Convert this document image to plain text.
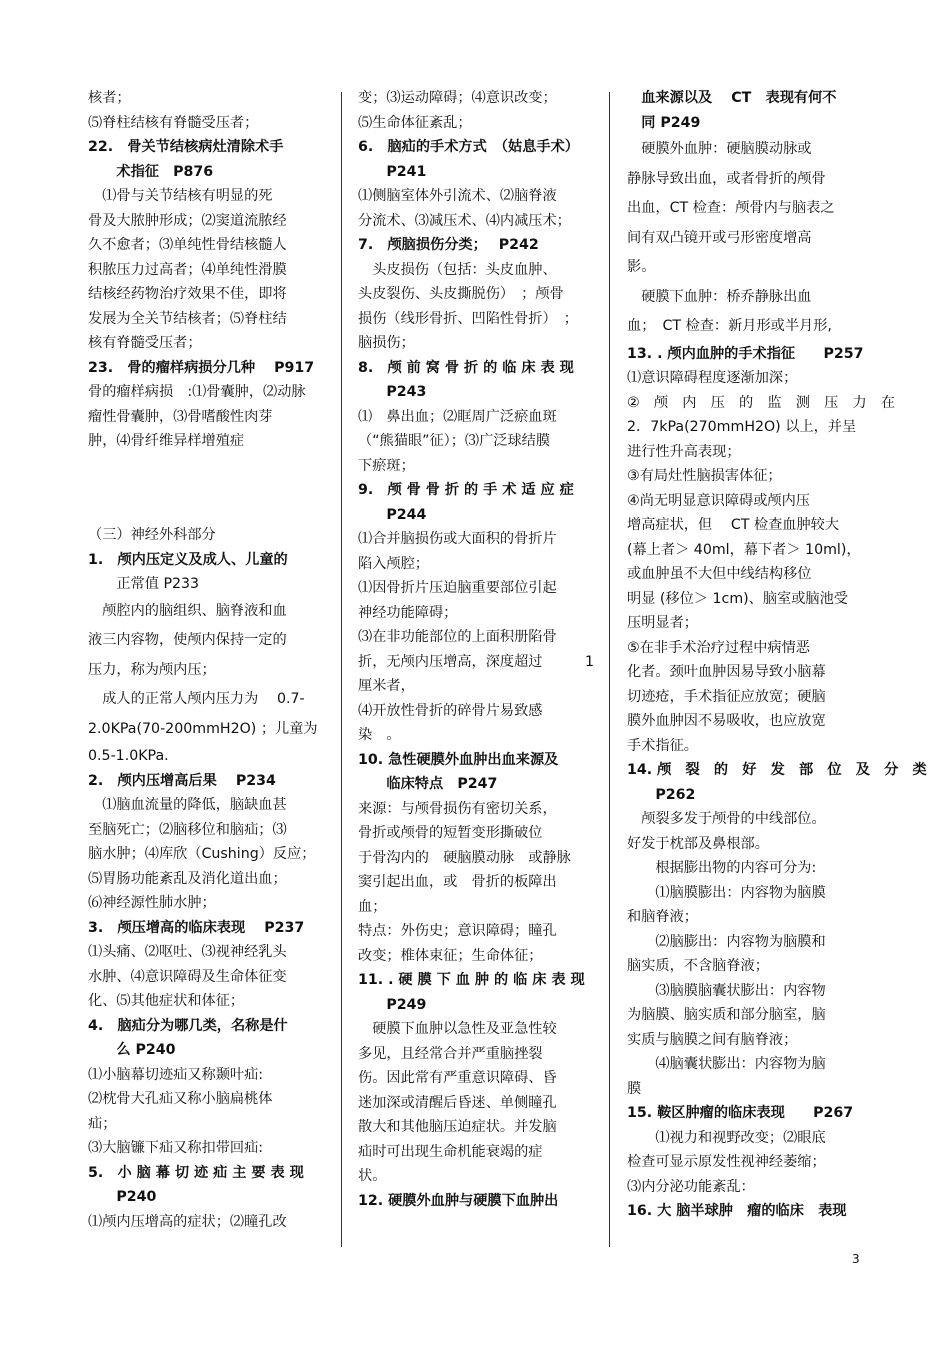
核者；
⑸脊柱结核有脊髓受压者；
22.　骨关节结核病灶清除术手
　　术指征　P876
　⑴骨与关节结核有明显的死
骨及大脓肿形成；⑵窦道流脓经
久不愈者；⑶单纯性骨结核髓人
积脓压力过高者；⑷单纯性滑膜
结核经药物治疗效果不佳，即将
发展为全关节结核者；⑸脊柱结
核有脊髓受压者；
23.　骨的瘤样病损分几种　 P917
骨的瘤样病损　:⑴骨囊肿，⑵动脉
瘤性骨囊肿，⑶骨嗜酸性肉芽
肿，⑷骨纤维异样增殖症
（三）神经外科部分
1.　颅内压定义及成人、儿童的
　　正常值 P233
　颅腔内的脑组织、脑脊液和血
液三内容物，使颅内保持一定的
压力，称为颅内压；
　成人的正常人颅内压力为　 0.7-
2.0KPa(70-200mmH2O) ；儿童为
0.5-1.0KPa.
2.　颅内压增高后果　 P234
　⑴脑血流量的降低，脑缺血甚
至脑死亡；⑵脑移位和脑疝；⑶
脑水肿；⑷库欣（Cushing）反应；
⑸胃肠功能紊乱及消化道出血；
⑹神经源性肺水肿；
3.　颅压增高的临床表现　 P237
⑴头痛、⑵呕吐、⑶视神经乳头
水肿、⑷意识障碍及生命体征变
化、⑸其他症状和体征；
4.　脑疝分为哪几类，名称是什
　　么 P240
⑴小脑幕切迹疝又称颞叶疝:
⑵枕骨大孔疝又称小脑扁桃体
疝；
⑶大脑镰下疝又称扣带回疝:
5.　小 脑 幕 切 迹 疝 主 要 表 现
　　P240
⑴颅内压增高的症状；⑵瞳孔改
变；⑶运动障碍；⑷意识改变；
⑸生命体征紊乱；
6.　脑疝的手术方式　（姑息手术）
　　P241
⑴侧脑室体外引流术、⑵脑脊液
分流术、⑶减压术、⑷内减压术；
7.　颅脑损伤分类；　 P242
　头皮损伤（包括：头皮血肿、
头皮裂伤、头皮撕脱伤）　；颅骨
损伤（线形骨折、凹陷性骨折）　；
脑损伤；
8.　颅 前 窝 骨 折 的 临 床 表 现
　　P243
⑴　鼻出血；⑵眶周广泛瘀血斑
（“熊猫眼”征）；⑶广泛球结膜
下瘀斑；
9.　颅 骨 骨 折 的 手 术 适 应 症
　　P244
⑴合并脑损伤或大面积的骨折片
陷入颅腔；
⑴因骨折片压迫脑重要部位引起
神经功能障碍；
⑶在非功能部位的上面积册陷骨
折，无颅内压增高，深度超过　　　1
厘米者，
⑷开放性骨折的碎骨片易致感
染　。
10. 急性硬膜外血肿出血来源及
　　临床特点　P247
来源：与颅骨损伤有密切关系，
骨折或颅骨的短暂变形撕破位
于骨沟内的　硬脑膜动脉　或静脉
窦引起出血，或　骨折的板障出
血；
特点：外伤史；意识障碍；瞳孔
改变；椎体束征；生命体征；
11. . 硬 膜 下 血 肿 的 临 床 表 现
　　P249
　硬膜下血肿以急性及亚急性较
多见，且经常合并严重脑挫裂
伤。因此常有严重意识障碍、昏
迷加深或清醒后昏迷、单侧瞳孔
散大和其他脑压迫症状。并发脑
疝时可出现生命机能衰竭的症
状。
12. 硬膜外血肿与硬膜下血肿出
　血来源以及　 CT　表现有何不
　同 P249
　硬膜外血肿：硬脑膜动脉或
静脉导致出血，或者骨折的颅骨
出血，CT 检查：颅骨内与脑表之
间有双凸镜开或弓形密度增高
影。
　硬膜下血肿：桥乔静脉出血
血；　CT 检查：新月形或半月形,
13. . 颅内血肿的手术指征　　P257
⑴意识障碍程度逐渐加深；
②　颅　内　压　的　监　测　压　力　在
2．7kPa(270mmH2O) 以上，并呈
进行性升高表现；
③有局灶性脑损害体征；
④尚无明显意识障碍或颅内压
增高症状，但　 CT 检查血肿较大
(幕上者＞ 40ml，幕下者＞ 10ml)，
或血肿虽不大但中线结构移位
明显 (移位＞ 1cm)、脑室或脑池受
压明显者；
⑤在非手术治疗过程中病情恶
化者。颈叶血肿因易导致小脑幕
切迹疮，手术指征应放宽；硬脑
膜外血肿因不易吸收，也应放宽
手术指征。
14. 颅　裂　的　好　发　部　位　及　分　类
　　P262
　颅裂多发于颅骨的中线部位。
好发于枕部及鼻根部。
　　根据膨出物的内容可分为:
　　⑴脑膜膨出：内容物为脑膜
和脑脊液；
　　⑵脑膨出：内容物为脑膜和
脑实质，不含脑脊液；
　　⑶脑膜脑囊状膨出：内容物
为脑膜、脑实质和部分脑室，脑
实质与脑膜之间有脑脊液；
　　⑷脑囊状膨出：内容物为脑
膜
15. 鞍区肿瘤的临床表现　　P267
　　⑴视力和视野改变；⑵眼底
检查可显示原发性视神经萎缩；
⑶内分泌功能紊乱：
16. 大 脑半球肿　瘤的临床　表现
3
